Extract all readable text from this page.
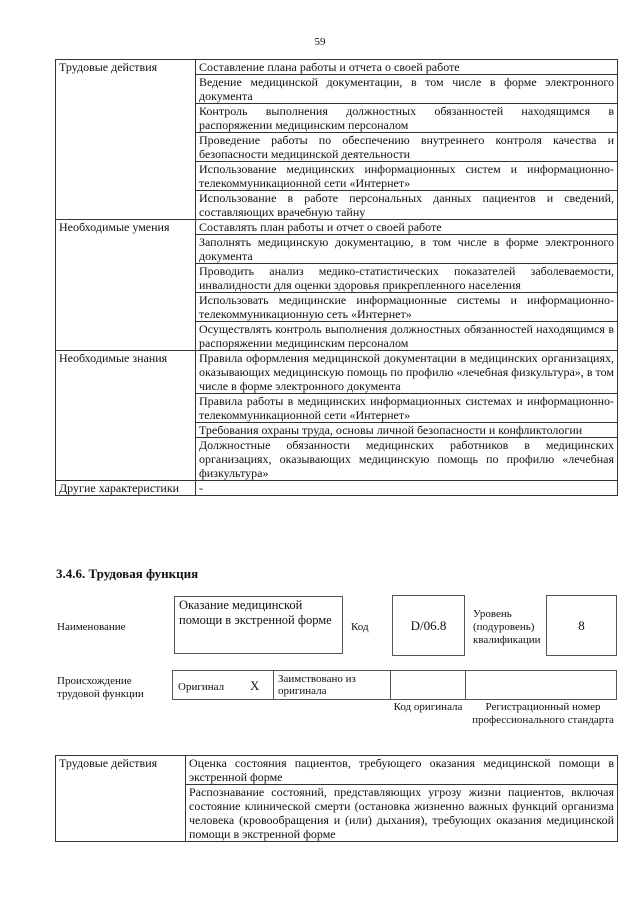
59
Трудовые действия	Составление плана работы и отчета о своей работе
	Ведение медицинской документации, в том числе в форме электронного документа
	Контроль выполнения должностных обязанностей находящимся в распоряжении медицинским персоналом
	Проведение работы по обеспечению внутреннего контроля качества и безопасности медицинской деятельности
	Использование медицинских информационных систем и информационно-телекоммуникационной сети «Интернет»
	Использование в работе персональных данных пациентов и сведений, составляющих врачебную тайну
Необходимые умения	Составлять план работы и отчет о своей работе
	Заполнять медицинскую документацию, в том числе в форме электронного документа
	Проводить анализ медико-статистических показателей заболеваемости, инвалидности для оценки здоровья прикрепленного населения
	Использовать медицинские информационные системы и информационно-телекоммуникационную сеть «Интернет»
	Осуществлять контроль выполнения должностных обязанностей находящимся в распоряжении медицинским персоналом
Необходимые знания	Правила оформления медицинской документации в медицинских организациях, оказывающих медицинскую помощь по профилю «лечебная физкультура», в том числе в форме электронного документа
	Правила работы в медицинских информационных системах и информационно-телекоммуникационной сети «Интернет»
	Требования охраны труда, основы личной безопасности и конфликтологии
	Должностные обязанности медицинских работников в медицинских организациях, оказывающих медицинскую помощь по профилю «лечебная физкультура»
Другие характеристики	-
3.4.6. Трудовая функция
Наименование
Оказание медицинской помощи в экстренной форме	Код	D/06.8
Уровень (подуровень) квалификации
8
Происхождение трудовой функции
Оригинал X	Заимствовано из оригинала
Код оригинала	Регистрационный номер профессионального стандарта
Трудовые действия	Оценка состояния пациентов, требующего оказания медицинской помощи в экстренной форме
Распознавание состояний, представляющих угрозу жизни пациентов, включая состояние клинической смерти (остановка жизненно важных функций организма человека (кровообращения и (или) дыхания), требующих оказания медицинской помощи в экстренной форме
